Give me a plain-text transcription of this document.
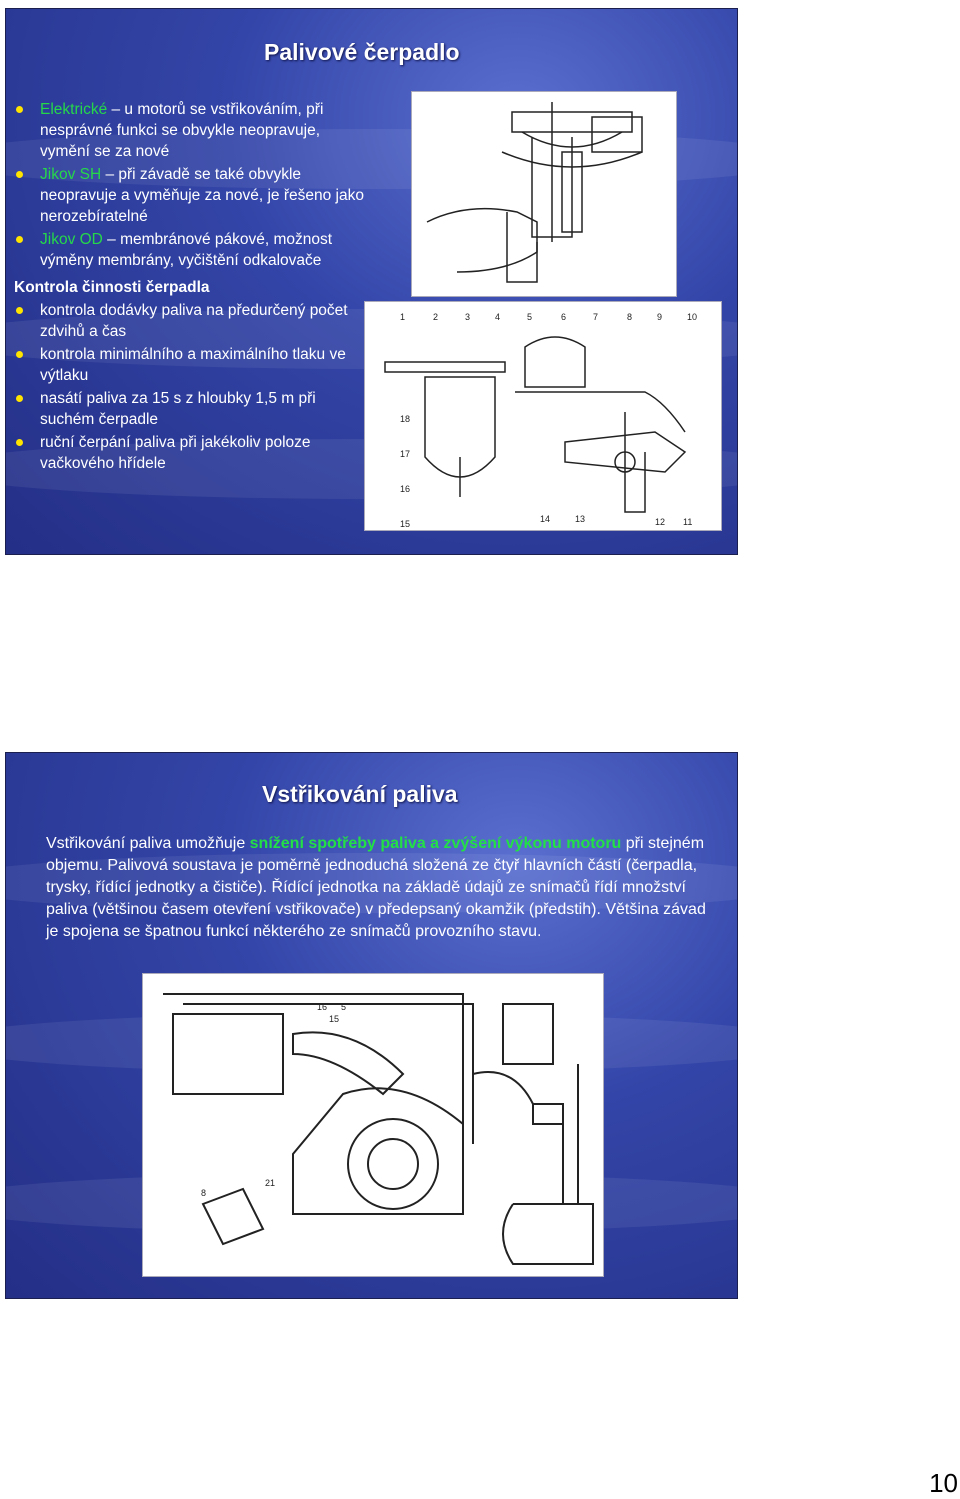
Palivové čerpadlo
Elektrické – u motorů se vstřikováním, při nesprávné funkci se obvykle neopravuje, vymění se za nové
Jikov SH – při závadě se také obvykle neopravuje a vyměňuje za nové, je řešeno jako nerozebíratelné
Jikov OD – membránové pákové, možnost výměny membrány, vyčištění odkalovače
Kontrola činnosti čerpadla
kontrola dodávky paliva na předurčený počet zdvihů a čas
kontrola minimálního a maximálního tlaku ve výtlaku
nasátí paliva za 15 s z hloubky 1,5 m při suchém čerpadle
ruční čerpání paliva při jakékoliv poloze vačkového hřídele
1	2	3	4	5	6	7	8	9	10
18
17
16
15	14	13	12 11
Vstřikování paliva
Vstřikování paliva umožňuje snížení spotřeby paliva a zvýšení výkonu motoru při stejném objemu. Palivová soustava je poměrně jednoduchá složená ze čtyř hlavních částí (čerpadla, trysky, řídící jednotky a čističe). Řídící jednotka na základě údajů ze snímačů řídí množství paliva (většinou časem otevření vstřikovače) v předepsaný okamžik (předstih). Většina závad je spojena se špatnou funkcí některého ze snímačů provozního stavu.
16 5
15
8
21
10
